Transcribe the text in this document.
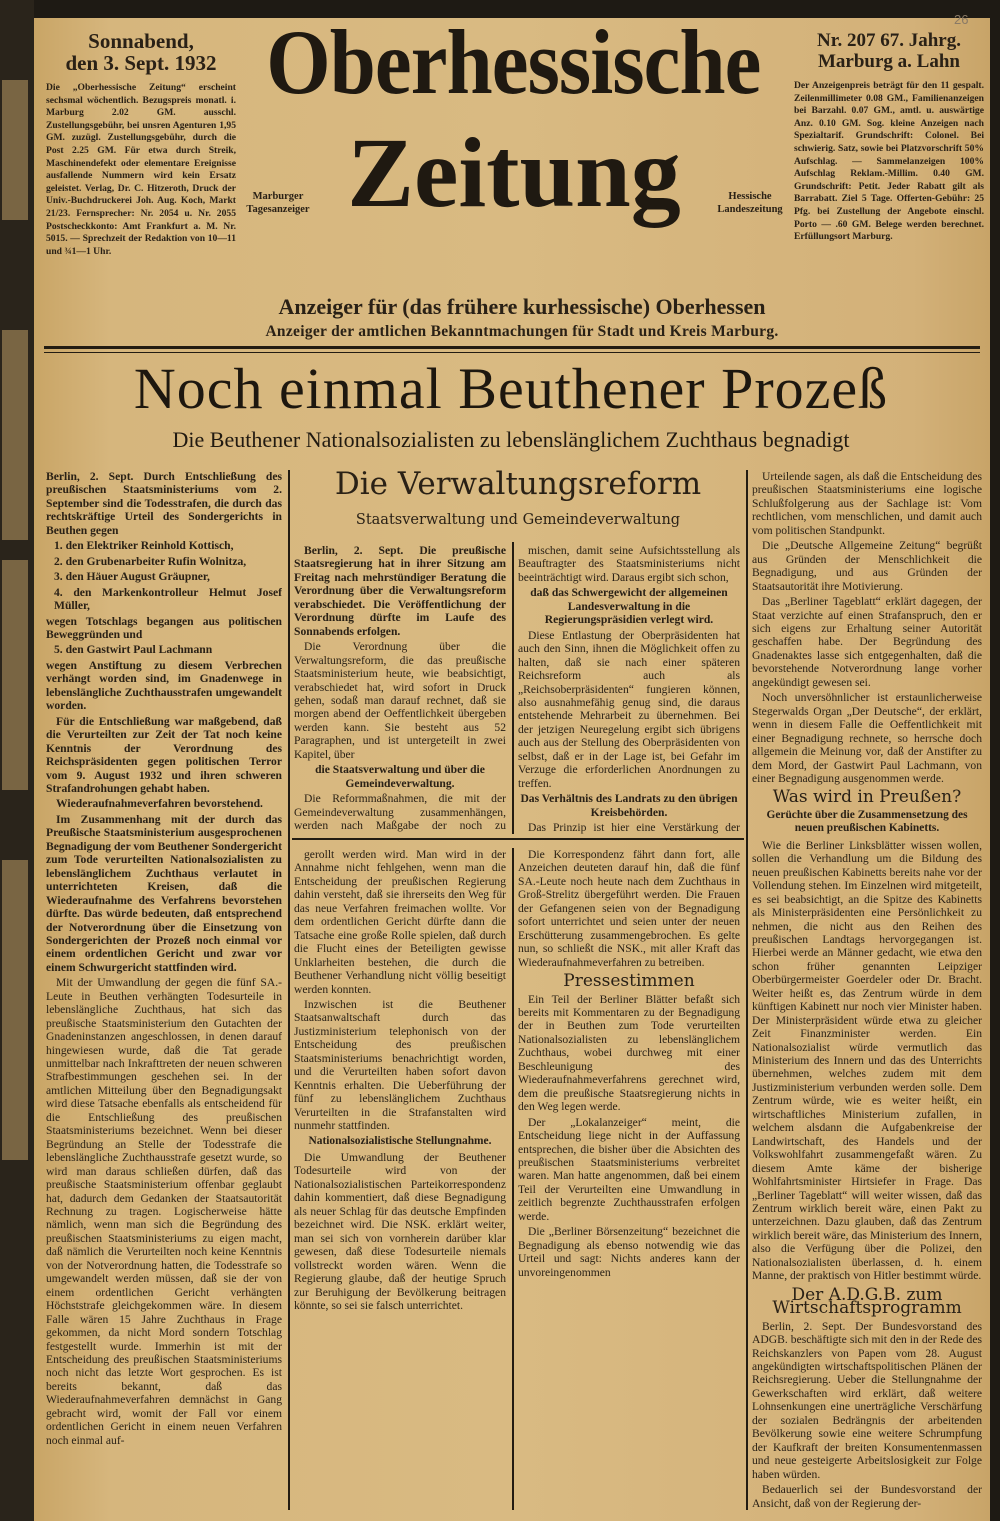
26
Sonnabend,
den 3. Sept. 1932
Die „Oberhessische Zeitung“ erscheint sechsmal wöchentlich. Bezugspreis monatl. i. Marburg 2.02 GM. ausschl. Zustellungsgebühr, bei unsren Agenturen 1,95 GM. zuzügl. Zustellungsgebühr, durch die Post 2.25 GM. Für etwa durch Streik, Maschinendefekt oder elementare Ereignisse ausfallende Nummern wird kein Ersatz geleistet. Verlag, Dr. C. Hitzeroth, Druck der Univ.-Buchdruckerei Joh. Aug. Koch, Markt 21/23. Fernsprecher: Nr. 2054 u. Nr. 2055 Postscheckkonto: Amt Frankfurt a. M. Nr. 5015. — Sprechzeit der Redaktion von 10—11 und ¾1—1 Uhr.
Oberhessische
Zeitung
Marburger Tagesanzeiger
Hessische Landeszeitung
Nr. 207 67. Jahrg.
Marburg a. Lahn
Der Anzeigenpreis beträgt für den 11 gespalt. Zeilenmillimeter 0.08 GM., Familienanzeigen bei Barzahl. 0.07 GM., amtl. u. auswärtige Anz. 0.10 GM. Sog. kleine Anzeigen nach Spezialtarif. Grundschrift: Colonel. Bei schwierig. Satz, sowie bei Platzvorschrift 50% Aufschlag. — Sammelanzeigen 100% Aufschlag Reklam.-Millim. 0.40 GM. Grundschrift: Petit. Jeder Rabatt gilt als Barrabatt. Ziel 5 Tage. Offerten-Gebühr: 25 Pfg. bei Zustellung der Angebote einschl. Porto — .60 GM. Belege werden berechnet. Erfüllungsort Marburg.
Anzeiger für (das frühere kurhessische) Oberhessen
Anzeiger der amtlichen Bekanntmachungen für Stadt und Kreis Marburg.
Noch einmal Beuthener Prozeß
Die Beuthener Nationalsozialisten zu lebenslänglichem Zuchthaus begnadigt
Die Verwaltungsreform
Staatsverwaltung und Gemeindeverwaltung

Berlin, 2. Sept. Durch Entschließung des preußischen Staatsministeriums vom 2. September sind die Todesstrafen, die durch das rechtskräftige Urteil des Sondergerichts in Beuthen gegen

1. den Elektriker Reinhold Kottisch,

2. den Grubenarbeiter Rufin Wolnitza,

3. den Häuer August Gräupner,

4. den Markenkontrolleur Helmut Josef Müller,

wegen Totschlags begangen aus politischen Beweggründen und

5. den Gastwirt Paul Lachmann

wegen Anstiftung zu diesem Verbrechen verhängt worden sind, im Gnadenwege in lebenslängliche Zuchthausstrafen umgewandelt worden.

Für die Entschließung war maßgebend, daß die Verurteilten zur Zeit der Tat noch keine Kenntnis der Verordnung des Reichspräsidenten gegen politischen Terror vom 9. August 1932 und ihren schweren Strafandrohungen gehabt haben.

Wiederaufnahmeverfahren bevorstehend.

Im Zusammenhang mit der durch das Preußische Staatsministerium ausgesprochenen Begnadigung der vom Beuthener Sondergericht zum Tode verurteilten Nationalsozialisten zu lebenslänglichem Zuchthaus verlautet in unterrichteten Kreisen, daß die Wiederaufnahme des Verfahrens bevorstehen dürfte. Das würde bedeuten, daß entsprechend der Notverordnung über die Einsetzung von Sondergerichten der Prozeß noch einmal vor einem ordentlichen Gericht und zwar vor einem Schwurgericht stattfinden wird.

Mit der Umwandlung der gegen die fünf SA.-Leute in Beuthen verhängten Todesurteile in lebenslängliche Zuchthaus, hat sich das preußische Staatsministerium den Gutachten der Gnadeninstanzen angeschlossen, in denen darauf hingewiesen wurde, daß die Tat gerade unmittelbar nach Inkrafttreten der neuen schweren Strafbestimmungen geschehen sei. In der amtlichen Mitteilung über den Begnadigungsakt wird diese Tatsache ebenfalls als entscheidend für die Entschließung des preußischen Staatsministeriums bezeichnet. Wenn bei dieser Begründung an Stelle der Todesstrafe die lebenslängliche Zuchthausstrafe gesetzt wurde, so wird man daraus schließen dürfen, daß das preußische Staatsministerium offenbar geglaubt hat, dadurch dem Gedanken der Staatsautorität Rechnung zu tragen. Logischerweise hätte nämlich, wenn man sich die Begründung des preußischen Staatsministeriums zu eigen macht, daß nämlich die Verurteilten noch keine Kenntnis von der Notverordnung hatten, die Todesstrafe so umgewandelt werden müssen, daß sie der von einem ordentlichen Gericht verhängten Höchststrafe gleichgekommen wäre. In diesem Falle wären 15 Jahre Zuchthaus in Frage gekommen, da nicht Mord sondern Totschlag festgestellt wurde. Immerhin ist mit der Entscheidung des preußischen Staatsministeriums noch nicht das letzte Wort gesprochen. Es ist bereits bekannt, daß das Wiederaufnahmeverfahren demnächst in Gang gebracht wird, womit der Fall vor einem ordentlichen Gericht in einem neuen Verfahren noch einmal auf-

Berlin, 2. Sept. Die preußische Staatsregierung hat in ihrer Sitzung am Freitag nach mehrstündiger Beratung die Verordnung über die Verwaltungsreform verabschiedet. Die Veröffentlichung der Verordnung dürfte im Laufe des Sonnabends erfolgen.

Die Verordnung über die Verwaltungsreform, die das preußische Staatsministerium heute, wie beabsichtigt, verabschiedet hat, wird sofort in Druck gehen, sodaß man darauf rechnet, daß sie morgen abend der Oeffentlichkeit übergeben werden kann. Sie besteht aus 52 Paragraphen, und ist untergeteilt in zwei Kapitel, über

die Staatsverwaltung und über die Gemeindeverwaltung.

Die Reformmaßnahmen, die mit der Gemeindeverwaltung zusammenhängen, werden nach Maßgabe der noch zu

mischen, damit seine Aufsichtsstellung als Beauftragter des Staatsministeriums nicht beeinträchtigt wird. Daraus ergibt sich schon,

daß das Schwergewicht der allgemeinen Landesverwaltung in die Regierungspräsidien verlegt wird.

Diese Entlastung der Oberpräsidenten hat auch den Sinn, ihnen die Möglichkeit offen zu halten, daß sie nach einer späteren Reichsreform auch als „Reichsoberpräsidenten“ fungieren können, also ausnahmefähig genug sind, die daraus entstehende Mehrarbeit zu übernehmen. Bei der jetzigen Neuregelung ergibt sich übrigens auch aus der Stellung des Oberpräsidenten von selbst, daß er in der Lage ist, bei Gefahr im Verzuge die erforderlichen Anordnungen zu treffen.

Das Verhältnis des Landrats zu den übrigen Kreisbehörden.

Das Prinzip ist hier eine Verstärkung der

gerollt werden wird. Man wird in der Annahme nicht fehlgehen, wenn man die Entscheidung der preußischen Regierung dahin versteht, daß sie ihrerseits den Weg für das neue Verfahren freimachen wollte. Vor dem ordentlichen Gericht dürfte dann die Tatsache eine große Rolle spielen, daß durch die Flucht eines der Beteiligten gewisse Unklarheiten bestehen, die durch die Beuthener Verhandlung nicht völlig beseitigt werden konnten.

Inzwischen ist die Beuthener Staatsanwaltschaft durch das Justizministerium telephonisch von der Entscheidung des preußischen Staatsministeriums benachrichtigt worden, und die Verurteilten haben sofort davon Kenntnis erhalten. Die Ueberführung der fünf zu lebenslänglichem Zuchthaus Verurteilten in die Strafanstalten wird nunmehr stattfinden.

Nationalsozialistische Stellungnahme.

Die Umwandlung der Beuthener Todesurteile wird von der Nationalsozialistischen Parteikorrespondenz dahin kommentiert, daß diese Begnadigung als neuer Schlag für das deutsche Empfinden bezeichnet wird. Die NSK. erklärt weiter, man sei sich von vornherein darüber klar gewesen, daß diese Todesurteile niemals vollstreckt worden wären. Wenn die Regierung glaube, daß der heutige Spruch zur Beruhigung der Bevölkerung beitragen könnte, so sei sie falsch unterrichtet.

Die Korrespondenz fährt dann fort, alle Anzeichen deuteten darauf hin, daß die fünf SA.-Leute noch heute nach dem Zuchthaus in Groß-Strelitz übergeführt werden. Die Frauen der Gefangenen seien von der Begnadigung sofort unterrichtet und seien unter der neuen Erschütterung zusammengebrochen. Es gelte nun, so schließt die NSK., mit aller Kraft das Wiederaufnahmeverfahren zu betreiben.

Pressestimmen

Ein Teil der Berliner Blätter befaßt sich bereits mit Kommentaren zu der Begnadigung der in Beuthen zum Tode verurteilten Nationalsozialisten zu lebenslänglichem Zuchthaus, wobei durchweg mit einer Beschleunigung des Wiederaufnahmeverfahrens gerechnet wird, dem die preußische Staatsregierung nichts in den Weg legen werde.

Der „Lokalanzeiger“ meint, die Entscheidung liege nicht in der Auffassung entsprechen, die bisher über die Absichten des preußischen Staatsministeriums verbreitet waren. Man hatte angenommen, daß bei einem Teil der Verurteilten eine Umwandlung in zeitlich begrenzte Zuchthausstrafen erfolgen werde.

Die „Berliner Börsenzeitung“ bezeichnet die Begnadigung als ebenso notwendig wie das Urteil und sagt: Nichts anderes kann der unvoreingenommen

Urteilende sagen, als daß die Entscheidung des preußischen Staatsministeriums eine logische Schlußfolgerung aus der Sachlage ist: Vom rechtlichen, vom menschlichen, und damit auch vom politischen Standpunkt.

Die „Deutsche Allgemeine Zeitung“ begrüßt aus Gründen der Menschlichkeit die Begnadigung, und aus Gründen der Staatsautorität ihre Motivierung.

Das „Berliner Tageblatt“ erklärt dagegen, der Staat verzichte auf einen Strafanspruch, den er sich eigens zur Erhaltung seiner Autorität geschaffen habe. Der Begründung des Gnadenaktes lasse sich entgegenhalten, daß die bevorstehende Notverordnung lange vorher angekündigt gewesen sei.

Noch unversöhnlicher ist erstaunlicherweise Stegerwalds Organ „Der Deutsche“, der erklärt, wenn in diesem Falle die Oeffentlichkeit mit einer Begnadigung rechnete, so herrsche doch allgemein die Meinung vor, daß der Anstifter zu dem Mord, der Gastwirt Paul Lachmann, von einer Begnadigung ausgenommen werde.

Was wird in Preußen?
Gerüchte über die Zusammensetzung des neuen preußischen Kabinetts.

Wie die Berliner Linksblätter wissen wollen, sollen die Verhandlung um die Bildung des neuen preußischen Kabinetts bereits nahe vor der Vollendung stehen. Im Einzelnen wird mitgeteilt, es sei beabsichtigt, an die Spitze des Kabinetts als Ministerpräsidenten eine Persönlichkeit zu nehmen, die nicht aus den Reihen des preußischen Landtags hervorgegangen ist. Hierbei werde an Männer gedacht, wie etwa den schon früher genannten Leipziger Oberbürgermeister Goerdeler oder Dr. Bracht. Weiter heißt es, das Zentrum würde in dem künftigen Kabinett nur noch vier Minister haben. Der Ministerpräsident würde etwa zu gleicher Zeit Finanzminister werden. Ein Nationalsozialist würde vermutlich das Ministerium des Innern und das des Unterrichts übernehmen, welches zudem mit dem Justizministerium verbunden werden solle. Dem Zentrum würde, wie es weiter heißt, ein wirtschaftliches Ministerium zufallen, in welchem alsdann die Aufgabenkreise der Landwirtschaft, des Handels und der Volkswohlfahrt zusammengefaßt wären. Zu diesem Amte käme der bisherige Wohlfahrtsminister Hirtsiefer in Frage. Das „Berliner Tageblatt“ will weiter wissen, daß das Zentrum wirklich bereit wäre, einen Pakt zu unterzeichnen. Dazu glauben, daß das Zentrum wirklich bereit wäre, das Ministerium des Innern, also die Verfügung über die Polizei, den Nationalsozialisten überlassen, d. h. einem Manne, der praktisch von Hitler bestimmt würde.

Der A.D.G.B. zum Wirtschaftsprogramm

Berlin, 2. Sept. Der Bundesvorstand des ADGB. beschäftigte sich mit den in der Rede des Reichskanzlers von Papen vom 28. August angekündigten wirtschaftspolitischen Plänen der Reichsregierung. Ueber die Stellungnahme der Gewerkschaften wird erklärt, daß weitere Lohnsenkungen eine unerträgliche Verschärfung der sozialen Bedrängnis der arbeitenden Bevölkerung sowie eine weitere Schrumpfung der Kaufkraft der breiten Konsumentenmassen und neue gesteigerte Arbeitslosigkeit zur Folge haben würden.

Bedauerlich sei der Bundesvorstand der Ansicht, daß von der Regierung der-
